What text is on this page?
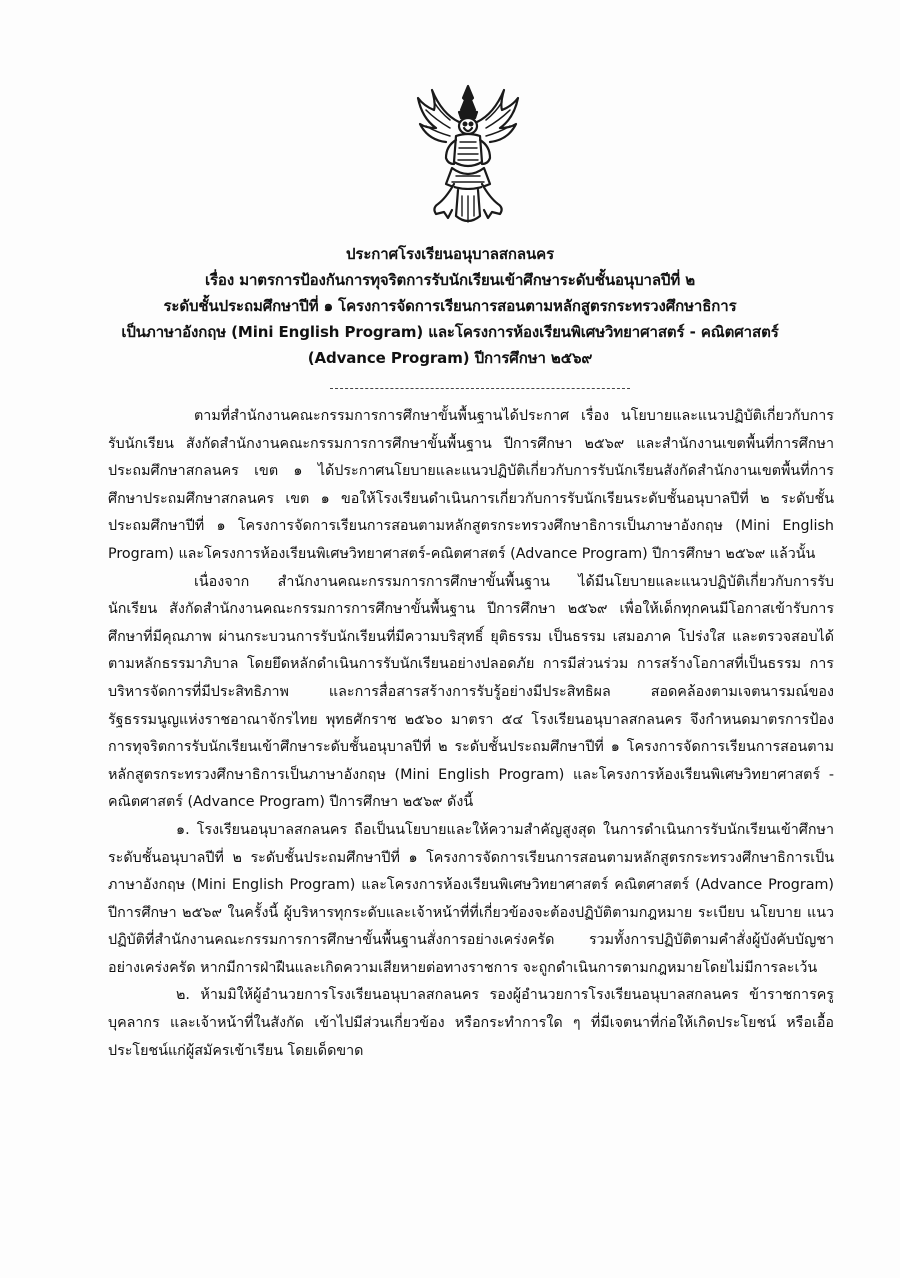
ประกาศโรงเรียนอนุบาลสกลนคร
เรื่อง มาตรการป้องกันการทุจริตการรับนักเรียนเข้าศึกษาระดับชั้นอนุบาลปีที่ ๒
ระดับชั้นประถมศึกษาปีที่ ๑ โครงการจัดการเรียนการสอนตามหลักสูตรกระทรวงศึกษาธิการ
เป็นภาษาอังกฤษ (Mini English Program) และโครงการห้องเรียนพิเศษวิทยาศาสตร์ - คณิตศาสตร์
(Advance Program) ปีการศึกษา ๒๕๖๙

ตามที่สำนักงานคณะกรรมการการศึกษาขั้นพื้นฐานได้ประกาศ เรื่อง นโยบายและแนวปฏิบัติเกี่ยวกับการรับนักเรียน สังกัดสำนักงานคณะกรรมการการศึกษาขั้นพื้นฐาน ปีการศึกษา ๒๕๖๙ และสำนักงานเขตพื้นที่การศึกษาประถมศึกษาสกลนคร เขต ๑ ได้ประกาศนโยบายและแนวปฏิบัติเกี่ยวกับการรับนักเรียนสังกัดสำนักงานเขตพื้นที่การศึกษาประถมศึกษาสกลนคร เขต ๑ ขอให้โรงเรียนดำเนินการเกี่ยวกับการรับนักเรียนระดับชั้นอนุบาลปีที่ ๒ ระดับชั้นประถมศึกษาปีที่ ๑ โครงการจัดการเรียนการสอนตามหลักสูตรกระทรวงศึกษาธิการเป็นภาษาอังกฤษ (Mini English Program) และโครงการห้องเรียนพิเศษวิทยาศาสตร์-คณิตศาสตร์ (Advance Program) ปีการศึกษา ๒๕๖๙ แล้วนั้น

เนื่องจาก สำนักงานคณะกรรมการการศึกษาขั้นพื้นฐาน ได้มีนโยบายและแนวปฏิบัติเกี่ยวกับการรับนักเรียน สังกัดสำนักงานคณะกรรมการการศึกษาขั้นพื้นฐาน ปีการศึกษา ๒๕๖๙ เพื่อให้เด็กทุกคนมีโอกาสเข้ารับการศึกษาที่มีคุณภาพ ผ่านกระบวนการรับนักเรียนที่มีความบริสุทธิ์ ยุติธรรม เป็นธรรม เสมอภาค โปร่งใส และตรวจสอบได้ ตามหลักธรรมาภิบาล โดยยึดหลักดำเนินการรับนักเรียนอย่างปลอดภัย การมีส่วนร่วม การสร้างโอกาสที่เป็นธรรม การบริหารจัดการที่มีประสิทธิภาพ และการสื่อสารสร้างการรับรู้อย่างมีประสิทธิผล สอดคล้องตามเจตนารมณ์ของรัฐธรรมนูญแห่งราชอาณาจักรไทย พุทธศักราช ๒๕๖๐ มาตรา ๕๔ โรงเรียนอนุบาลสกลนคร จึงกำหนดมาตรการป้องการทุจริตการรับนักเรียนเข้าศึกษาระดับชั้นอนุบาลปีที่ ๒ ระดับชั้นประถมศึกษาปีที่ ๑ โครงการจัดการเรียนการสอนตามหลักสูตรกระทรวงศึกษาธิการเป็นภาษาอังกฤษ (Mini English Program) และโครงการห้องเรียนพิเศษวิทยาศาสตร์ - คณิตศาสตร์ (Advance Program) ปีการศึกษา ๒๕๖๙ ดังนี้

๑. โรงเรียนอนุบาลสกลนคร ถือเป็นนโยบายและให้ความสำคัญสูงสุด ในการดำเนินการรับนักเรียนเข้าศึกษาระดับชั้นอนุบาลปีที่ ๒ ระดับชั้นประถมศึกษาปีที่ ๑ โครงการจัดการเรียนการสอนตามหลักสูตรกระทรวงศึกษาธิการเป็นภาษาอังกฤษ (Mini English Program) และโครงการห้องเรียนพิเศษวิทยาศาสตร์ คณิตศาสตร์ (Advance Program) ปีการศึกษา ๒๕๖๙ ในครั้งนี้ ผู้บริหารทุกระดับและเจ้าหน้าที่ที่เกี่ยวข้องจะต้องปฏิบัติตามกฎหมาย ระเบียบ นโยบาย แนวปฏิบัติที่สำนักงานคณะกรรมการการศึกษาขั้นพื้นฐานสั่งการอย่างเคร่งครัด รวมทั้งการปฏิบัติตามคำสั่งผู้บังคับบัญชาอย่างเคร่งครัด หากมีการฝ่าฝืนและเกิดความเสียหายต่อทางราชการ จะถูกดำเนินการตามกฎหมายโดยไม่มีการละเว้น

๒. ห้ามมิให้ผู้อำนวยการโรงเรียนอนุบาลสกลนคร รองผู้อำนวยการโรงเรียนอนุบาลสกลนคร ข้าราชการครู บุคลากร และเจ้าหน้าที่ในสังกัด เข้าไปมีส่วนเกี่ยวข้อง หรือกระทำการใด ๆ ที่มีเจตนาที่ก่อให้เกิดประโยชน์ หรือเอื้อประโยชน์แก่ผู้สมัครเข้าเรียน โดยเด็ดขาด
